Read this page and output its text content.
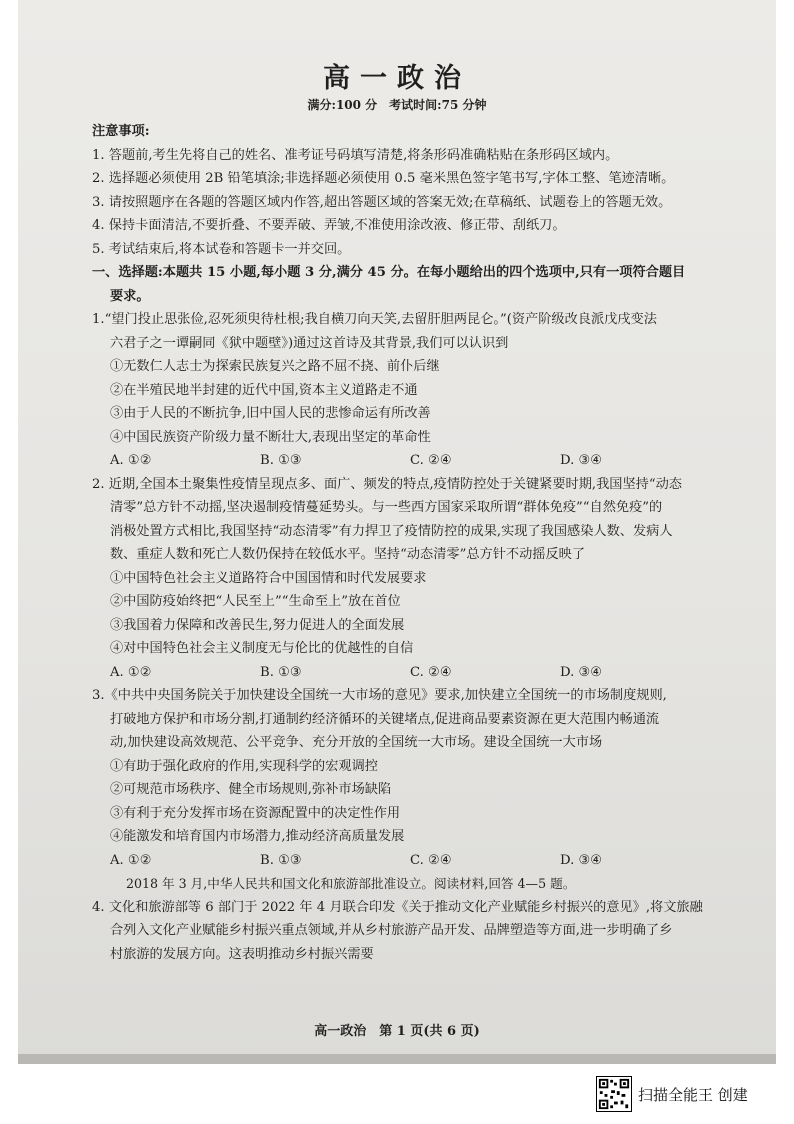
高一政治
满分:100 分　考试时间:75 分钟
注意事项:
1. 答题前,考生先将自己的姓名、准考证号码填写清楚,将条形码准确粘贴在条形码区域内。
2. 选择题必须使用 2B 铅笔填涂;非选择题必须使用 0.5 毫米黑色签字笔书写,字体工整、笔迹清晰。
3. 请按照题序在各题的答题区域内作答,超出答题区域的答案无效;在草稿纸、试题卷上的答题无效。
4. 保持卡面清洁,不要折叠、不要弄破、弄皱,不准使用涂改液、修正带、刮纸刀。
5. 考试结束后,将本试卷和答题卡一并交回。
一、选择题:本题共 15 小题,每小题 3 分,满分 45 分。在每小题给出的四个选项中,只有一项符合题目
要求。
1.“望门投止思张俭,忍死须臾待杜根;我自横刀向天笑,去留肝胆两昆仑。”(资产阶级改良派戊戌变法
六君子之一谭嗣同《狱中题壁》)通过这首诗及其背景,我们可以认识到
①无数仁人志士为探索民族复兴之路不屈不挠、前仆后继
②在半殖民地半封建的近代中国,资本主义道路走不通
③由于人民的不断抗争,旧中国人民的悲惨命运有所改善
④中国民族资产阶级力量不断壮大,表现出坚定的革命性
A. ①②	B. ①③	C. ②④	D. ③④
2. 近期,全国本土聚集性疫情呈现点多、面广、频发的特点,疫情防控处于关键紧要时期,我国坚持“动态
清零”总方针不动摇,坚决遏制疫情蔓延势头。与一些西方国家采取所谓“群体免疫”“自然免疫”的
消极处置方式相比,我国坚持“动态清零”有力捍卫了疫情防控的成果,实现了我国感染人数、发病人
数、重症人数和死亡人数仍保持在较低水平。坚持“动态清零”总方针不动摇反映了
①中国特色社会主义道路符合中国国情和时代发展要求
②中国防疫始终把“人民至上”“生命至上”放在首位
③我国着力保障和改善民生,努力促进人的全面发展
④对中国特色社会主义制度无与伦比的优越性的自信
A. ①②	B. ①③	C. ②④	D. ③④
3.《中共中央国务院关于加快建设全国统一大市场的意见》要求,加快建立全国统一的市场制度规则,
打破地方保护和市场分割,打通制约经济循环的关键堵点,促进商品要素资源在更大范围内畅通流
动,加快建设高效规范、公平竞争、充分开放的全国统一大市场。建设全国统一大市场
①有助于强化政府的作用,实现科学的宏观调控
②可规范市场秩序、健全市场规则,弥补市场缺陷
③有利于充分发挥市场在资源配置中的决定性作用
④能激发和培育国内市场潜力,推动经济高质量发展
A. ①②	B. ①③	C. ②④	D. ③④
2018 年 3 月,中华人民共和国文化和旅游部批准设立。阅读材料,回答 4—5 题。
4. 文化和旅游部等 6 部门于 2022 年 4 月联合印发《关于推动文化产业赋能乡村振兴的意见》,将文旅融
合列入文化产业赋能乡村振兴重点领域,并从乡村旅游产品开发、品牌塑造等方面,进一步明确了乡
村旅游的发展方向。这表明推动乡村振兴需要
高一政治　第 1 页(共 6 页)
扫描全能王 创建
